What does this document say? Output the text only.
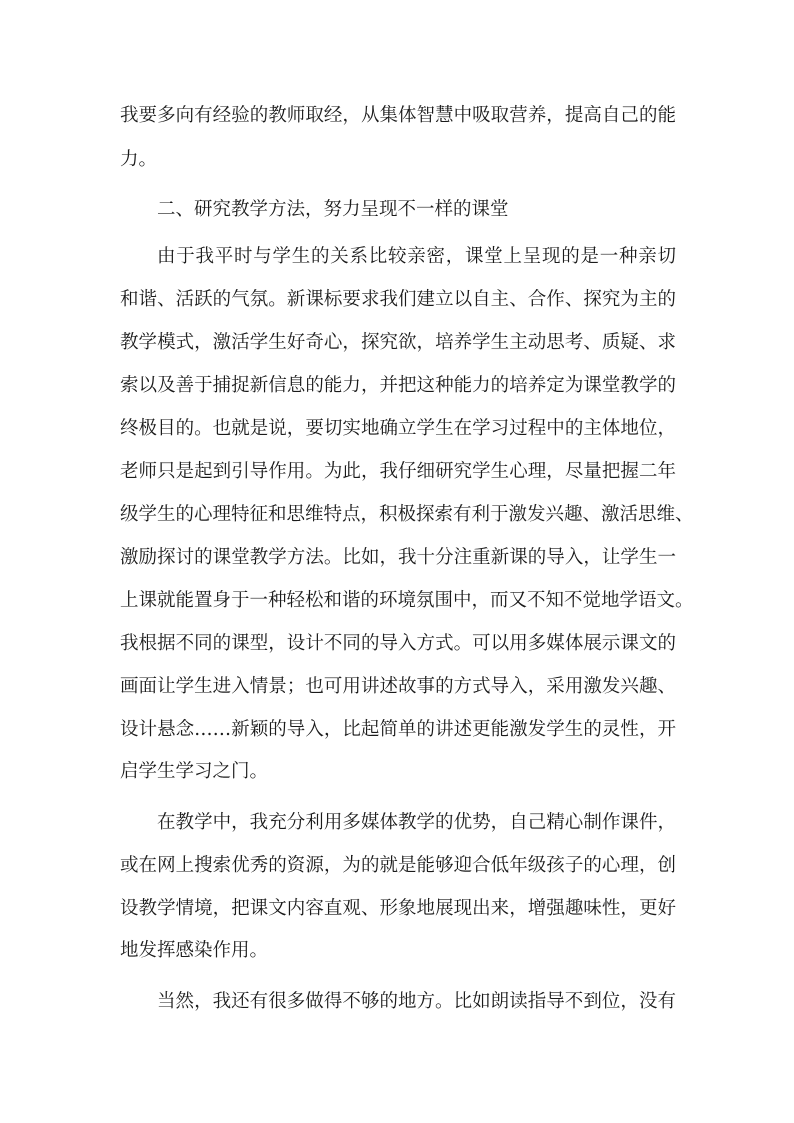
我要多向有经验的教师取经，从集体智慧中吸取营养，提高自己的能
力。
二、研究教学方法，努力呈现不一样的课堂
由于我平时与学生的关系比较亲密，课堂上呈现的是一种亲切
和谐、活跃的气氛。新课标要求我们建立以自主、合作、探究为主的
教学模式，激活学生好奇心，探究欲，培养学生主动思考、质疑、求
索以及善于捕捉新信息的能力，并把这种能力的培养定为课堂教学的
终极目的。也就是说，要切实地确立学生在学习过程中的主体地位，
老师只是起到引导作用。为此，我仔细研究学生心理，尽量把握二年
级学生的心理特征和思维特点，积极探索有利于激发兴趣、激活思维、
激励探讨的课堂教学方法。比如，我十分注重新课的导入，让学生一
上课就能置身于一种轻松和谐的环境氛围中，而又不知不觉地学语文。
我根据不同的课型，设计不同的导入方式。可以用多媒体展示课文的
画面让学生进入情景；也可用讲述故事的方式导入，采用激发兴趣、
设计悬念……新颖的导入，比起简单的讲述更能激发学生的灵性，开
启学生学习之门。
在教学中，我充分利用多媒体教学的优势，自己精心制作课件，
或在网上搜索优秀的资源，为的就是能够迎合低年级孩子的心理，创
设教学情境，把课文内容直观、形象地展现出来，增强趣味性，更好
地发挥感染作用。
当然，我还有很多做得不够的地方。比如朗读指导不到位，没有
